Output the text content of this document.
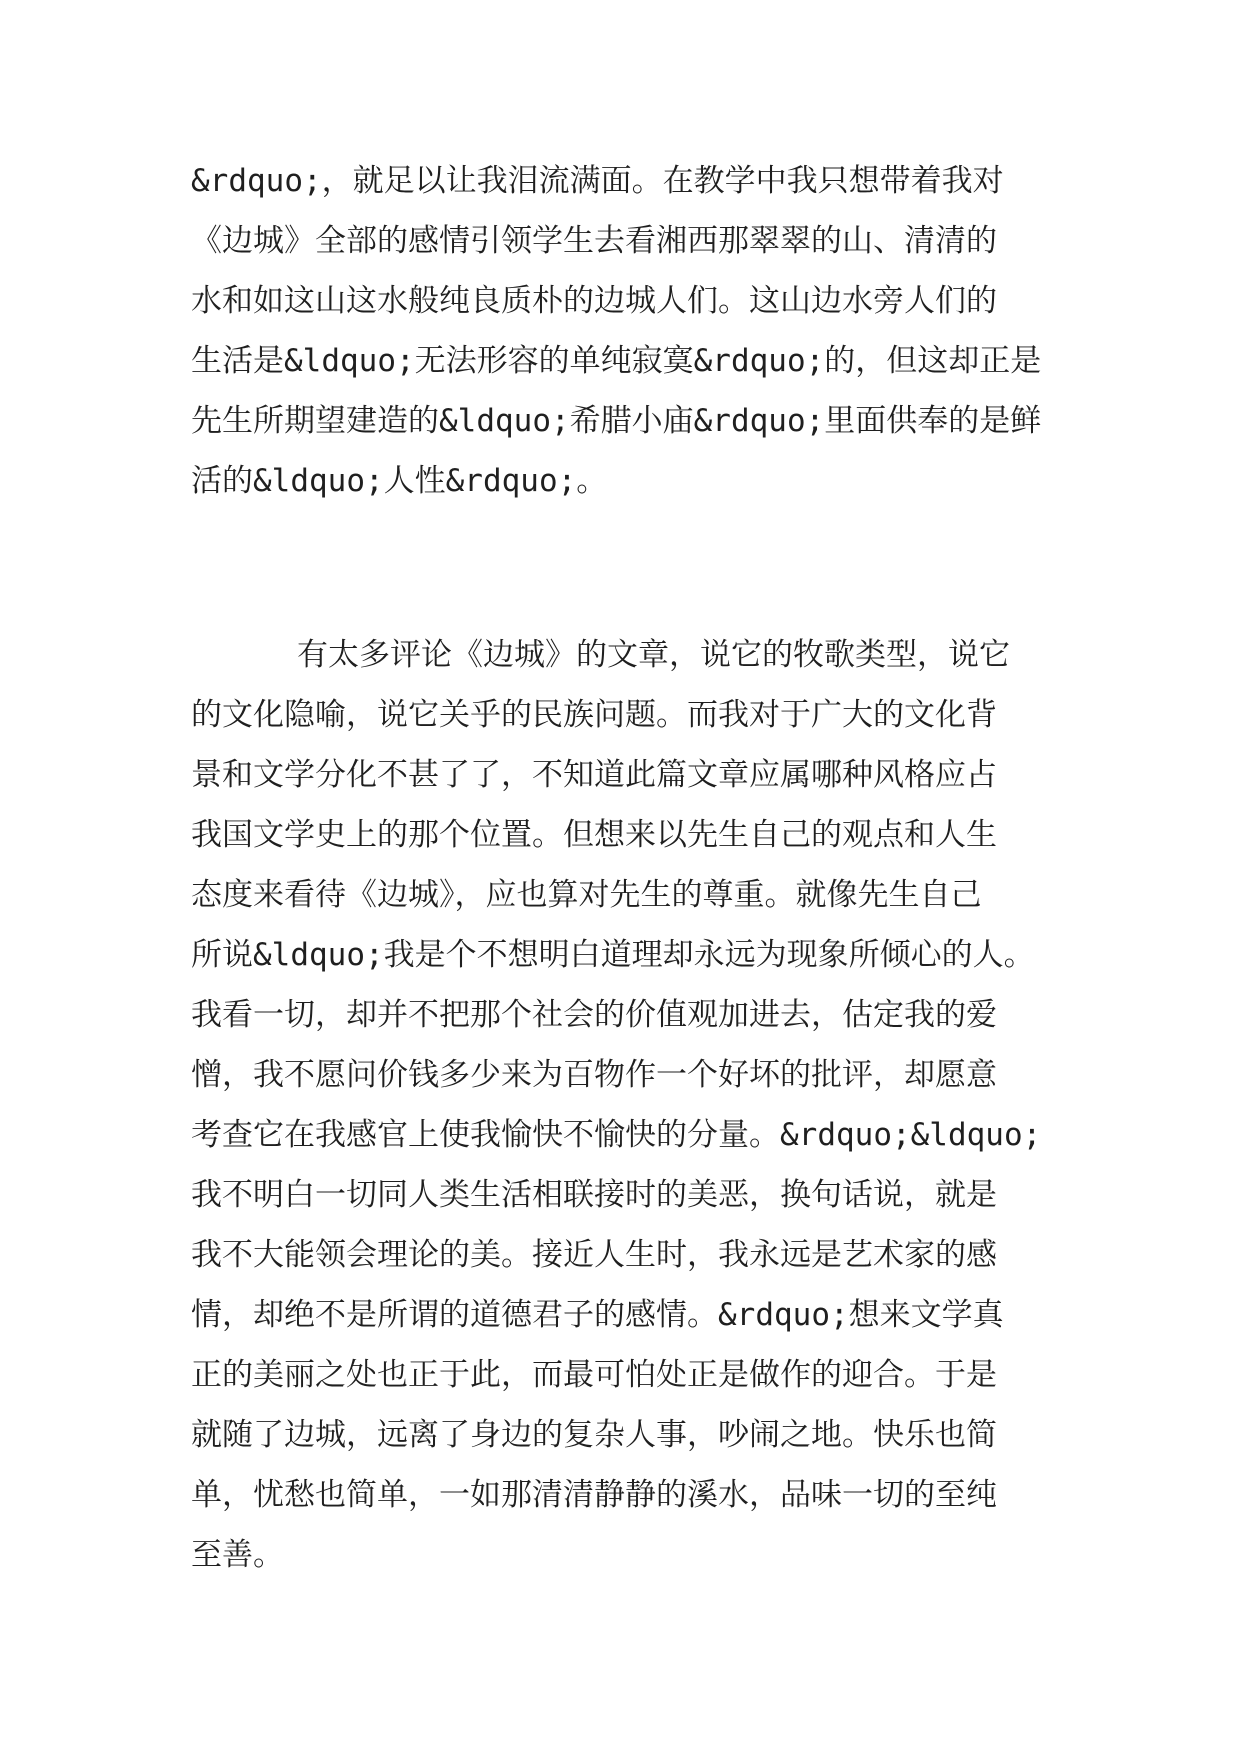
&rdquo;，就足以让我泪流满面。在教学中我只想带着我对
《边城》全部的感情引领学生去看湘西那翠翠的山、清清的
水和如这山这水般纯良质朴的边城人们。这山边水旁人们的
生活是&ldquo;无法形容的单纯寂寞&rdquo;的，但这却正是
先生所期望建造的&ldquo;希腊小庙&rdquo;里面供奉的是鲜
活的&ldquo;人性&rdquo;。
有太多评论《边城》的文章，说它的牧歌类型，说它
的文化隐喻，说它关乎的民族问题。而我对于广大的文化背
景和文学分化不甚了了，不知道此篇文章应属哪种风格应占
我国文学史上的那个位置。但想来以先生自己的观点和人生
态度来看待《边城》，应也算对先生的尊重。就像先生自己
所说&ldquo;我是个不想明白道理却永远为现象所倾心的人。
我看一切，却并不把那个社会的价值观加进去，估定我的爱
憎，我不愿问价钱多少来为百物作一个好坏的批评，却愿意
考查它在我感官上使我愉快不愉快的分量。&rdquo;&ldquo;
我不明白一切同人类生活相联接时的美恶，换句话说，就是
我不大能领会理论的美。接近人生时，我永远是艺术家的感
情，却绝不是所谓的道德君子的感情。&rdquo;想来文学真
正的美丽之处也正于此，而最可怕处正是做作的迎合。于是
就随了边城，远离了身边的复杂人事，吵闹之地。快乐也简
单，忧愁也简单，一如那清清静静的溪水，品味一切的至纯
至善。
